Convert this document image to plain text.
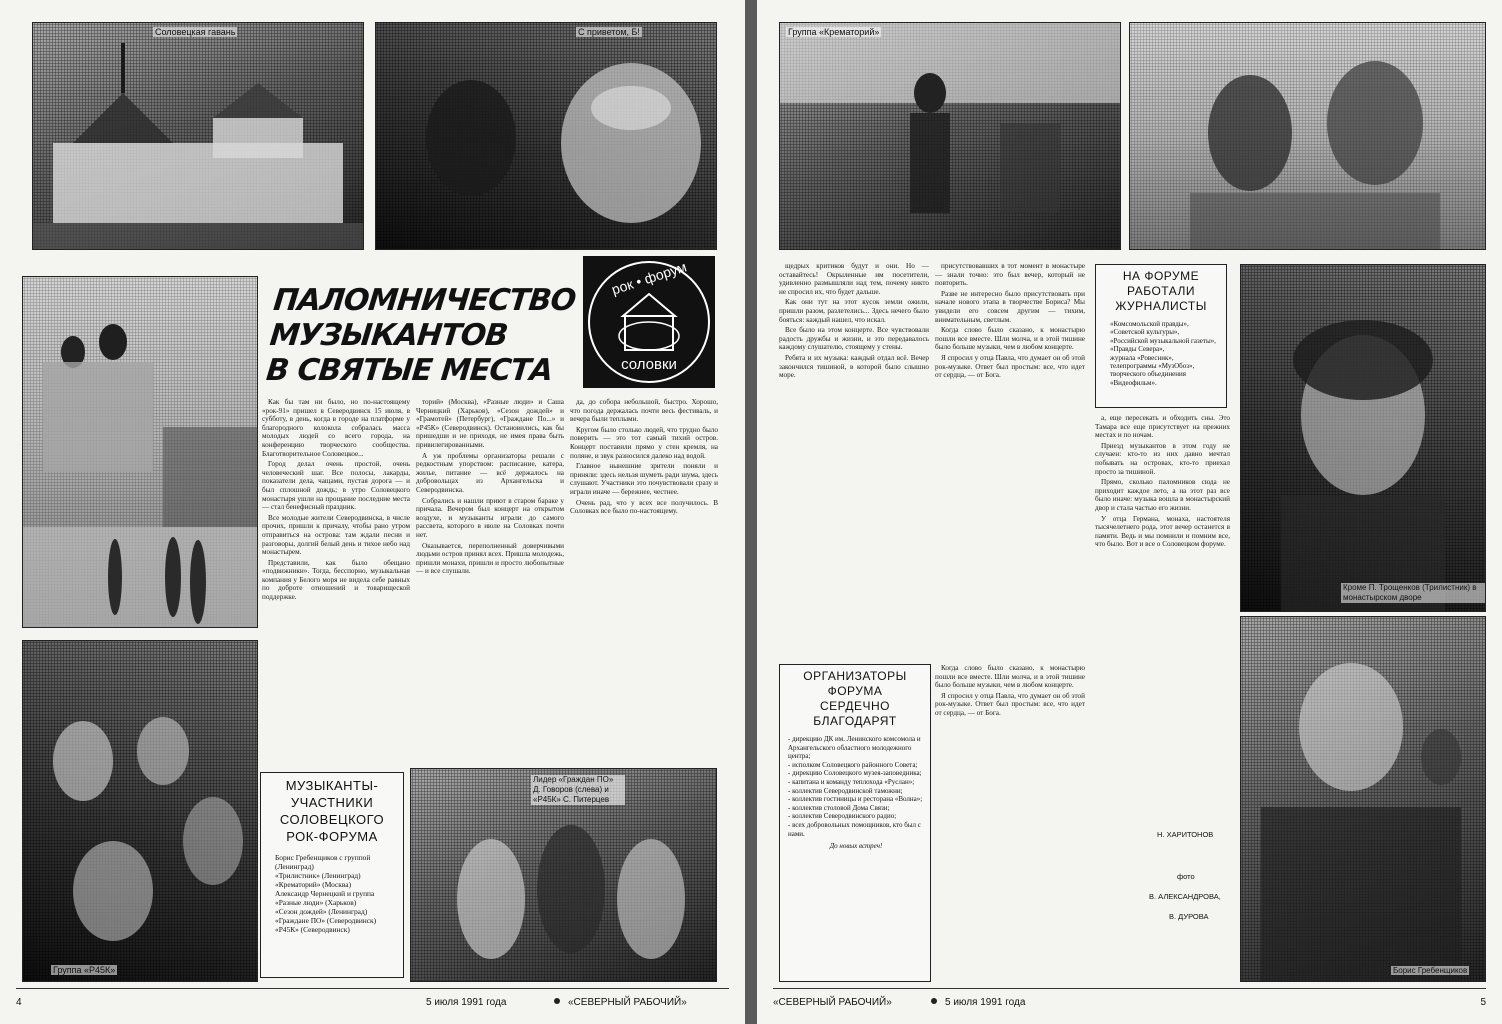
Соловецкая гавань	С приветом, Б!
ПАЛОМНИЧЕСТВО
МУЗЫКАНТОВ
В СВЯТЫЕ МЕСТА
рок • форум
соловки

Как бы там ни было, но по-настоящему «рок-91» пришел в Северодвинск 15 июля, в субботу, в день, когда в городе на платформе у благородного колокола собралась масса молодых людей со всего города, на конференцию творческого сообщества. Благотворительное Соловецкое...

Город делал очень простой, очень человеческий шаг. Все полосы, лакарды, показатели дела, чащами, пустая дорога — и был сплошной дождь; в утро Соловецкого монастыря ушли на прощание последние места — стал бенефисный праздник.

Все молодые жители Северодвинска, в числе прочих, пришли к причалу, чтобы рано утром отправиться на острова: там ждали песни и разговоры, долгий белый день и тихое небо над монастырем.

Представили, как было обещано «подвижники». Тогда, бесспорно, музыкальная компания у Белого моря не видела себе равных по доброте отношений и товарищеской поддержке.

торий» (Москва), «Разные люди» и Саша Черницкий (Харьков), «Сезон дождей» и «Грамотей» (Петербург), «Граждане По...» и «Р45К» (Северодвинск). Остановились, как бы пришедши и не приходя, не имея права быть привилегированными.

А уж проблемы организаторы решали с редкостным упорством: расписание, катера, жилье, питание — всё держалось на добровольцах из Архангельска и Северодвинска.

Собрались и нашли приют в старом бараке у причала. Вечером был концерт на открытом воздухе, и музыканты играли до самого рассвета, которого в июле на Соловках почти нет.

Оказывается, переполненный доверчивыми людьми остров принял всех. Пришла молодежь, пришли монахи, пришли и просто любопытные — и все слушали.

да, до собора небольшой, быстро. Хорошо, что погода держалась почти весь фестиваль, и вечера были теплыми.

Кругом было столько людей, что трудно было поверить — это тот самый тихий остров. Концерт поставили прямо у стен кремля, на поляне, и звук разносился далеко над водой.

Главное нынешние зрители поняли и приняли: здесь нельзя шуметь ради шума, здесь слушают. Участники это почувствовали сразу и играли иначе — бережнее, честнее.

Очень рад, что у всех все получилось. В Соловках все было по-настоящему.

Группа «Р45К»
МУЗЫКАНТЫ-
УЧАСТНИКИ
СОЛОВЕЦКОГО
РОК-ФОРУМА
Борис Гребенщиков с группой (Ленинград)
«Трилистник» (Ленинград)
«Крематорий» (Москва)
Александр Чернецкий и группа «Разные люди» (Харьков)
«Сезон дождей» (Ленинград)
«Граждане ПО» (Северодвинск)
«Р45К» (Северодвинск)
Лидер «Граждан ПО» Д. Говоров (слева) и «Р45К» С. Питерцев
4	5 июля 1991 года	«СЕВЕРНЫЙ РАБОЧИЙ»
Группа «Крематорий»

щедрых критиков будут и они. Но — оставайтесь! Окрыленные им посетители, удивленно размышляли над тем, почему никто не спросил их, что будет дальше.

Как они тут на этот кусок земли ожили, пришли разом, разлетелись... Здесь нечего было бояться: каждый нашел, что искал.

Все было на этом концерте. Все чувствовали радость дружбы и жизни, и это передавалось каждому слушателю, стоящему у стены.

Ребята и их музыка: каждый отдал всё. Вечер закончился тишиной, в которой было слышно море.

присутствовавших в тот момент в монастыре — знали точно: это был вечер, который не повторить.

Разве не интересно было присутствовать при начале нового этапа в творчестве Бориса? Мы увидели его совсем другим — тихим, внимательным, светлым.

Когда слово было сказано, к монастырю пошли все вместе. Шли молча, и в этой тишине было больше музыки, чем в любом концерте.

Я спросил у отца Павла, что думает он об этой рок-музыке. Ответ был простым: все, что идет от сердца, — от Бога.

НА ФОРУМЕ
РАБОТАЛИ
ЖУРНАЛИСТЫ
«Комсомольской правды»,
«Советской культуры»,
«Российской музыкальной газеты»,
«Правды Севера»,
журнала «Ровесник»,
телепрограммы «МузОбоз»,
творческого объединения «Видеофильм».
ОРГАНИЗАТОРЫ
ФОРУМА
СЕРДЕЧНО
БЛАГОДАРЯТ
- дирекцию ДК им. Ленинского комсомола и Архангельского областного молодежного центра;
- исполком Соловецкого районного Совета;
- дирекцию Соловецкого музея-заповедника;
- капитана и команду теплохода «Руслан»;
- коллектив Северодвинской таможни;
- коллектив гостиницы и ресторана «Волна»;
- коллектив столовой Дома Связи;
- коллектив Северодвинского радио;
- всех добровольных помощников, кто был с нами.
До новых встреч!

Когда слово было сказано, к монастырю пошли все вместе. Шли молча, и в этой тишине было больше музыки, чем в любом концерте.

Я спросил у отца Павла, что думает он об этой рок-музыке. Ответ был простым: все, что идет от сердца, — от Бога.

а, еще пересекать и обходить сны. Это Тамара все еще присутствует на прежних местах и по ночам.

Приезд музыкантов в этом году не случаен: кто-то из них давно мечтал побывать на островах, кто-то приехал просто за тишиной.

Прямо, сколько паломников сюда не приходит каждое лето, а на этот раз все было иначе: музыка вошла в монастырский двор и стала частью его жизни.

У отца Германа, монаха, настоятеля тысячелетнего рода, этот вечер останется в памяти. Ведь и мы помнили и помним все, что было. Вот и все о Соловецком форуме.

Н. ХАРИТОНОВ
фото
В. АЛЕКСАНДРОВА,
В. ДУРОВА
Кроме П. Трощенков (Трилистник) в монастырском дворе
Борис Гребенщиков
«СЕВЕРНЫЙ РАБОЧИЙ»	5 июля 1991 года	5
